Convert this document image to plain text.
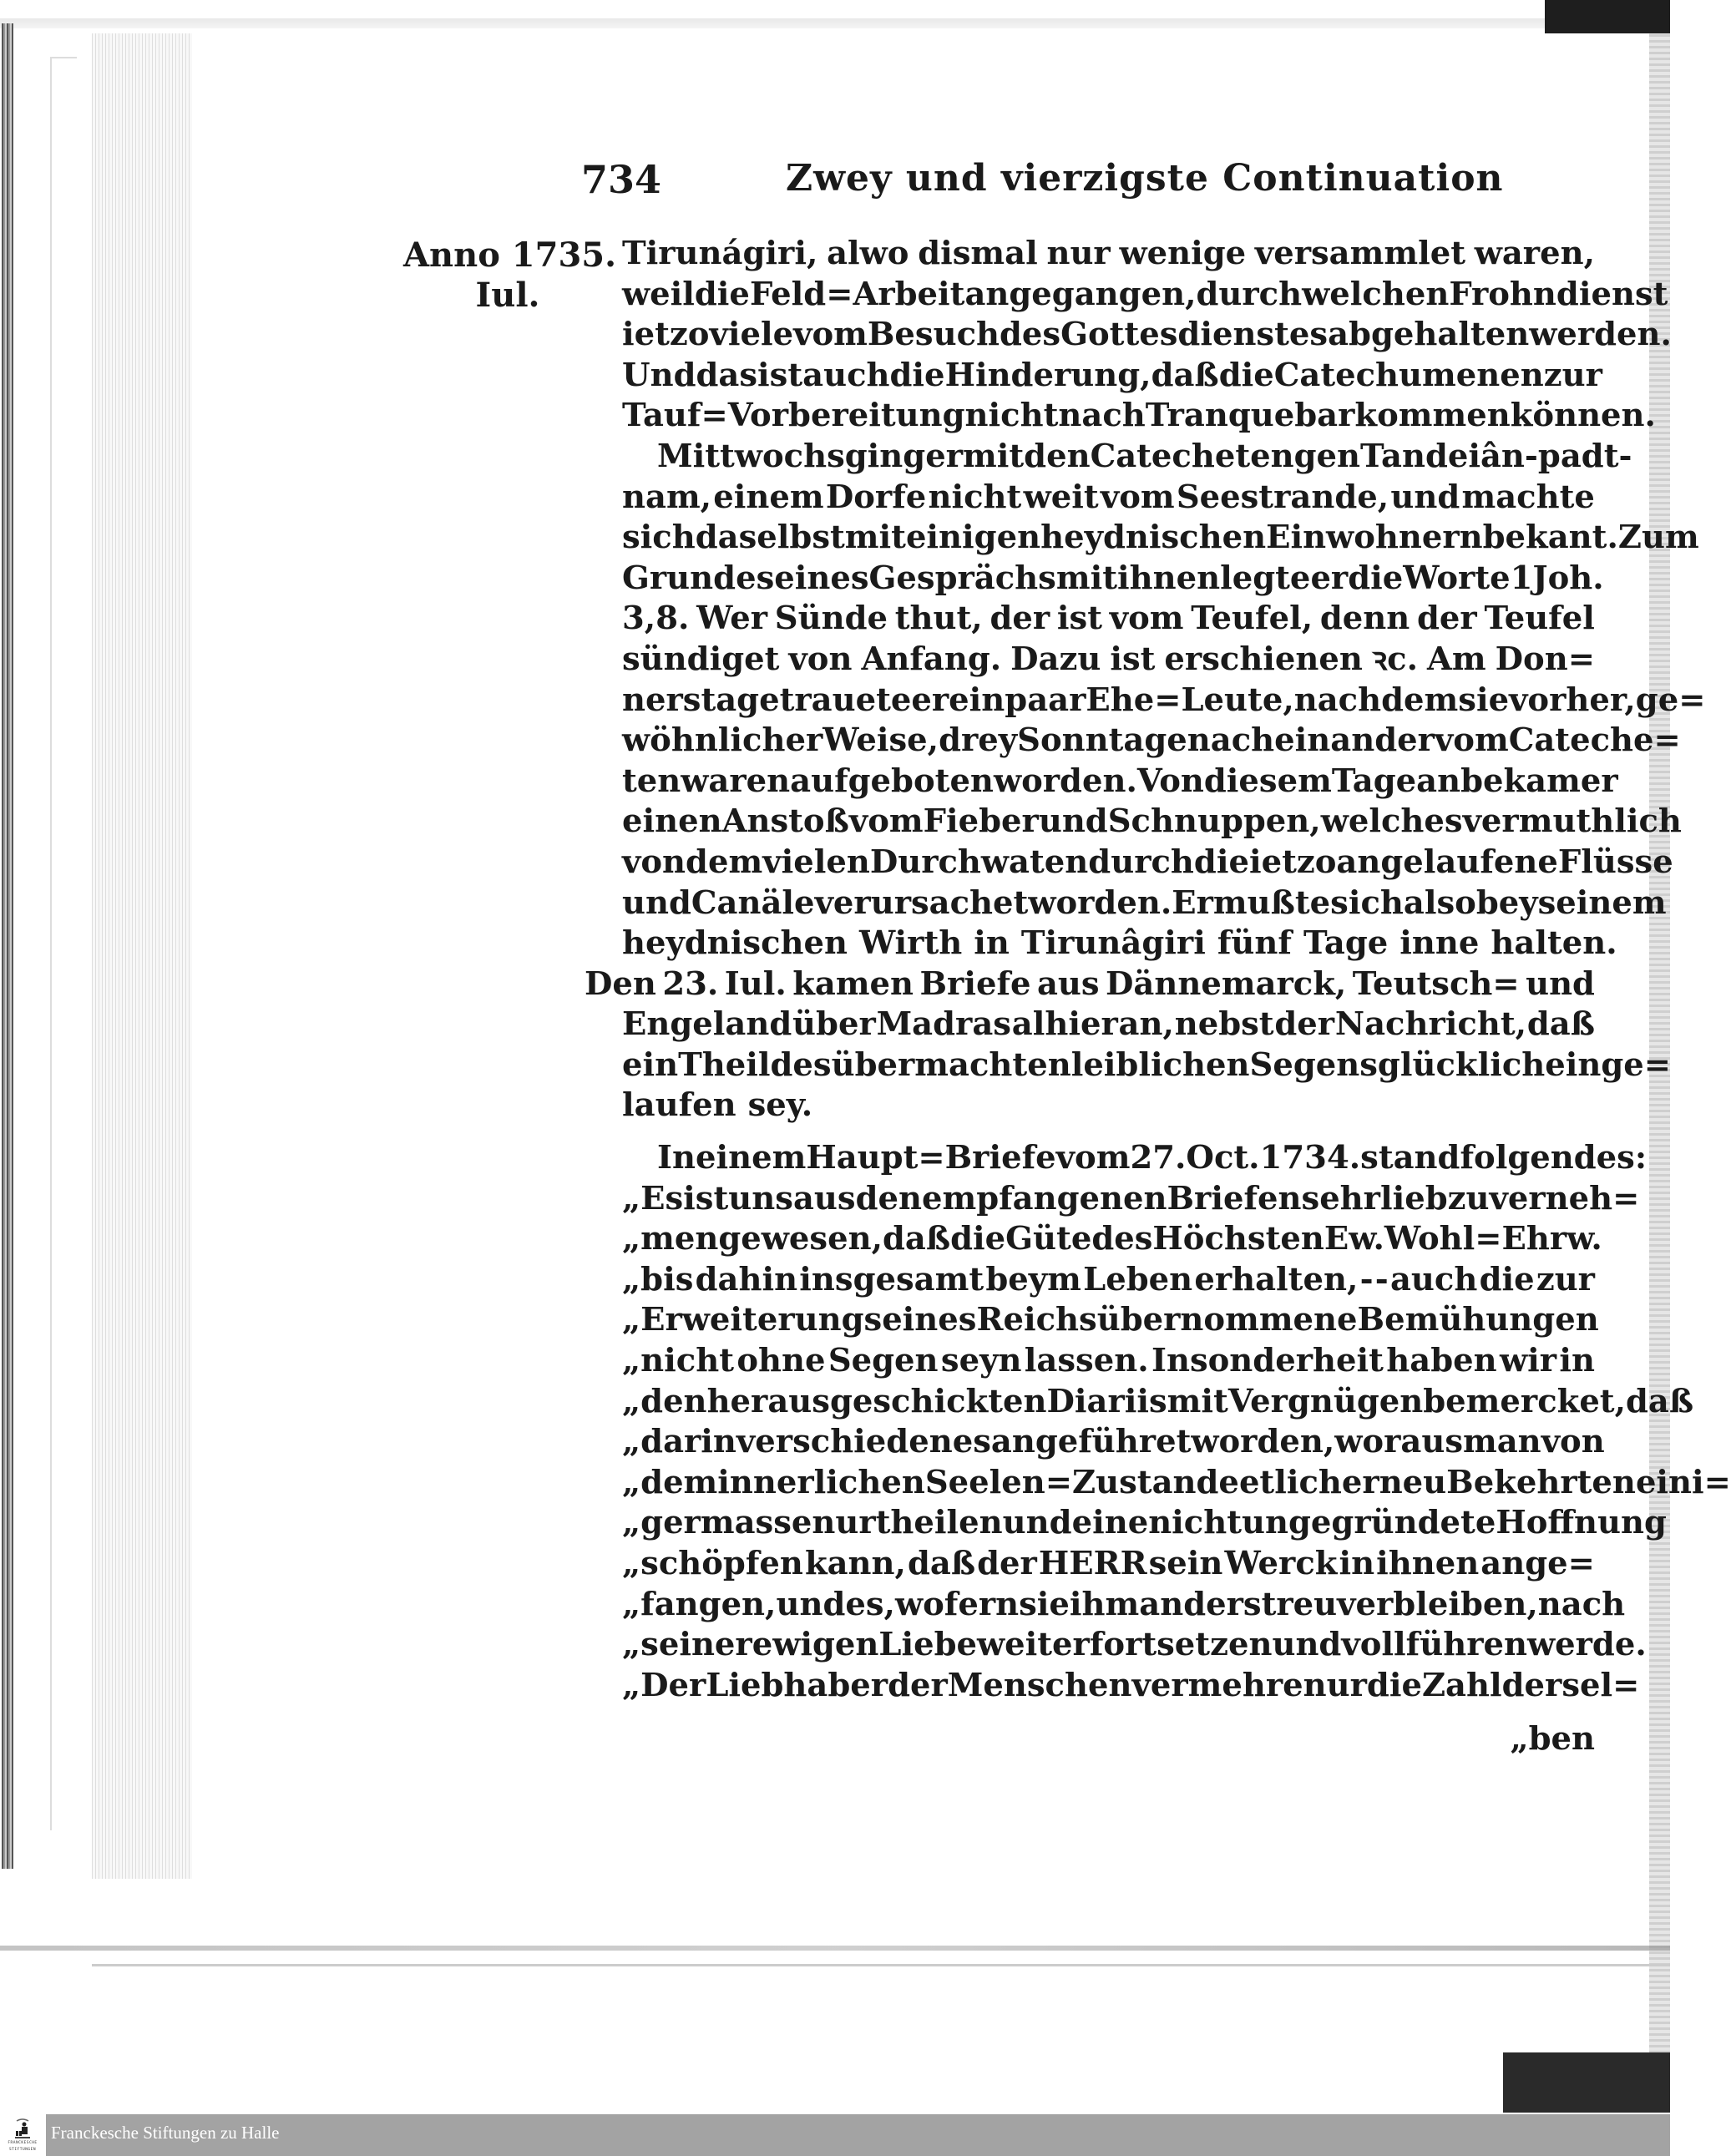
734	Zwey und vierzigste Continuation
Anno 1735.
Iul.
Tirunágiri, alwo dismal nur wenige versammlet waren,
weil die Feld=Arbeit angegangen, durch welchen Frohndienst
ietzo viele vom Besuch des Gottesdienstes abgehalten werden.
Und das ist auch die Hinderung, daß die Catechumenen zur
Tauf=Vorbereitung nicht nach Tranquebar kommen können.
Mittwochs ging er mit den Catecheten gen Tandeiân-padt-
nam, einem Dorfe nicht weit vom Seestrande, und machte
sich daselbst mit einigen heydnischen Einwohnern bekant. Zum
Grunde seines Gesprächs mit ihnen legte er die Worte 1 Joh.
3,8. Wer Sünde thut, der ist vom Teufel, denn der Teufel
sündiget von Anfang. Dazu ist erschienen ꝛc. Am Don=
nerstage trauete er ein paar Ehe=Leute, nachdem sie vorher, ge=
wöhnlicher Weise, drey Sonntage nacheinander vom Cateche=
ten waren aufgeboten worden. Von diesem Tage an bekam er
einen Anstoß vom Fieber und Schnuppen, welches vermuthlich
von dem vielen Durchwaten durch die ietzo angelaufene Flüsse
und Canäle verursachet worden. Er mußte sich also bey seinem
heydnischen Wirth in Tirunâgiri fünf Tage inne halten.
Den 23. Iul. kamen Briefe aus Dännemarck, Teutsch= und
Engeland über Madras alhier an, nebst der Nachricht, daß
ein Theil des übermachten leiblichen Segens glücklich einge=
laufen sey.
In einem Haupt=Briefe vom 27. Oct. 1734. stand folgendes:
„Es ist uns aus den empfangenen Briefen sehr lieb zu verneh=
„men gewesen, daß die Güte des Höchsten Ew. Wohl=Ehrw.
„bis dahin insgesamt beym Leben erhalten, - - auch die zur
„Erweiterung seines Reichs übernommene Bemühungen
„nicht ohne Segen seyn lassen. Insonderheit haben wir in
„den heraus geschickten Diariis mit Vergnügen bemercket, daß
„darin verschiedenes angeführet worden, woraus man von
„dem innerlichen Seelen=Zustande etlicher neu Bekehrten eini=
„ger massen urtheilen und eine nicht ungegründete Hoffnung
„schöpfen kann, daß der HERR sein Werck in ihnen ange=
„fangen, und es, wofern sie ihm anders treu verbleiben, nach
„seiner ewigen Liebe weiter fortsetzen und vollführen werde.
„Der Liebhaber der Menschen vermehre nur die Zahl dersel=
„ben
FRANCKESCHE
STIFTUNGEN
Franckesche Stiftungen zu Halle
